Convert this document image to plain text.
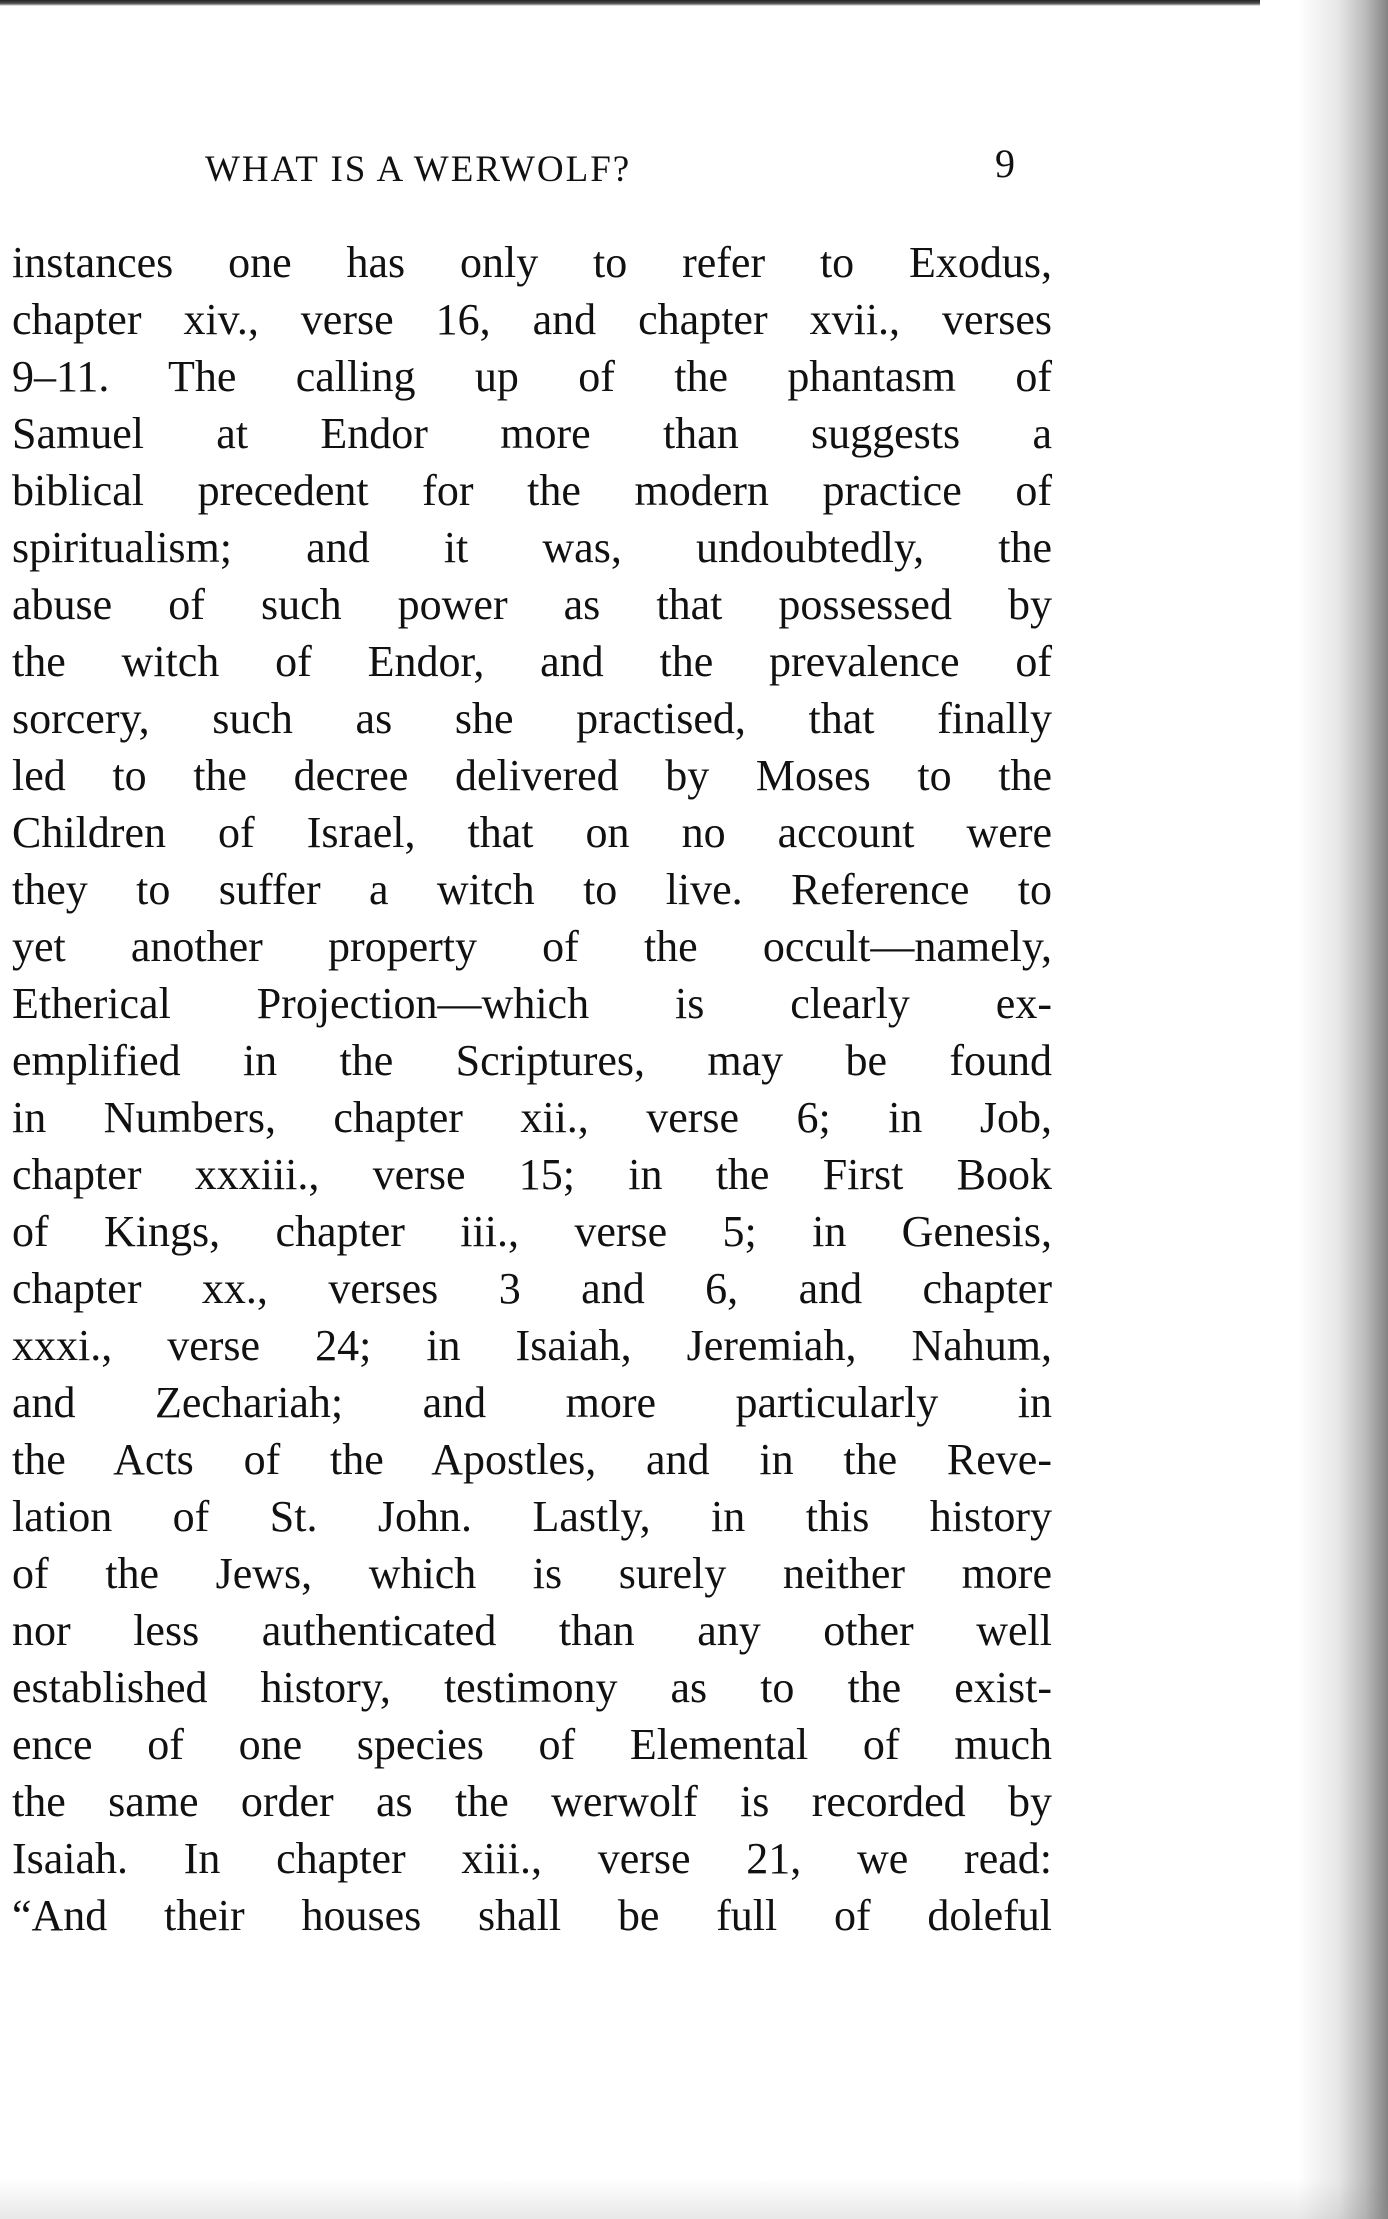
WHAT IS A WERWOLF?	9
instances one has only to refer to Exodus,
chapter xiv., verse 16, and chapter xvii., verses
9–11. The calling up of the phantasm of
Samuel at Endor more than suggests a
biblical precedent for the modern practice of
spiritualism; and it was, undoubtedly, the
abuse of such power as that possessed by
the witch of Endor, and the prevalence of
sorcery, such as she practised, that finally
led to the decree delivered by Moses to the
Children of Israel, that on no account were
they to suffer a witch to live. Reference to
yet another property of the occult—namely,
Etherical Projection—which is clearly ex-
emplified in the Scriptures, may be found
in Numbers, chapter xii., verse 6; in Job,
chapter xxxiii., verse 15; in the First Book
of Kings, chapter iii., verse 5; in Genesis,
chapter xx., verses 3 and 6, and chapter
xxxi., verse 24; in Isaiah, Jeremiah, Nahum,
and Zechariah; and more particularly in
the Acts of the Apostles, and in the Reve-
lation of St. John. Lastly, in this history
of the Jews, which is surely neither more
nor less authenticated than any other well
established history, testimony as to the exist-
ence of one species of Elemental of much
the same order as the werwolf is recorded by
Isaiah. In chapter xiii., verse 21, we read:
“And their houses shall be full of doleful
